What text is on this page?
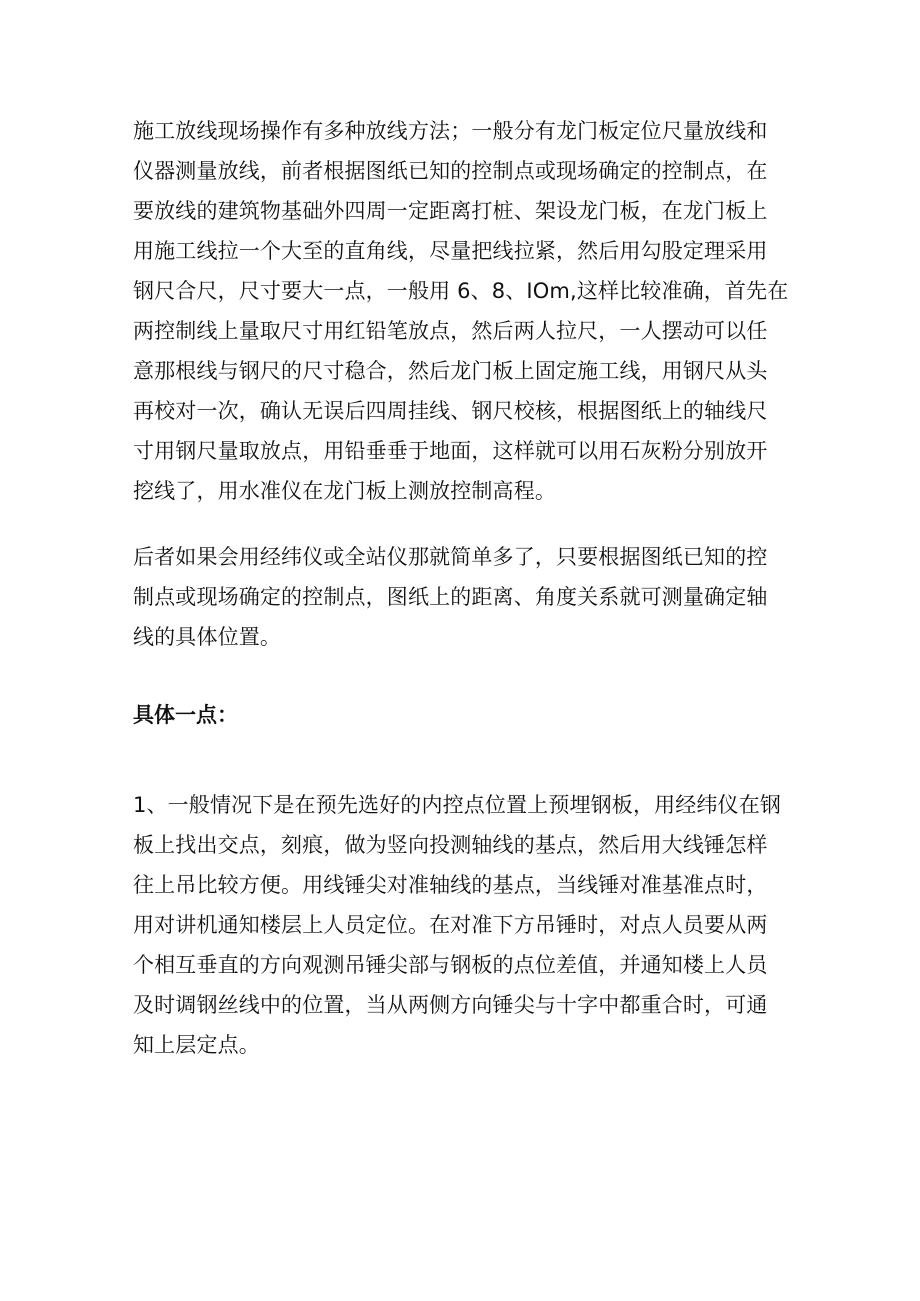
施工放线现场操作有多种放线方法；一般分有龙门板定位尺量放线和
仪器测量放线，前者根据图纸已知的控制点或现场确定的控制点，在
要放线的建筑物基础外四周一定距离打桩、架设龙门板，在龙门板上
用施工线拉一个大至的直角线，尽量把线拉紧，然后用勾股定理采用
钢尺合尺，尺寸要大一点，一般用 6、8、IOm,这样比较准确，首先在
两控制线上量取尺寸用红铅笔放点，然后两人拉尺，一人摆动可以任
意那根线与钢尺的尺寸稳合，然后龙门板上固定施工线，用钢尺从头
再校对一次，确认无误后四周挂线、钢尺校核，根据图纸上的轴线尺
寸用钢尺量取放点，用铅垂垂于地面，这样就可以用石灰粉分别放开
挖线了，用水准仪在龙门板上测放控制高程。

后者如果会用经纬仪或全站仪那就简单多了，只要根据图纸已知的控
制点或现场确定的控制点，图纸上的距离、角度关系就可测量确定轴
线的具体位置。

具体一点：

1、一般情况下是在预先选好的内控点位置上预埋钢板，用经纬仪在钢
板上找出交点，刻痕，做为竖向投测轴线的基点，然后用大线锤怎样
往上吊比较方便。用线锤尖对准轴线的基点，当线锤对准基准点时，
用对讲机通知楼层上人员定位。在对准下方吊锤时，对点人员要从两
个相互垂直的方向观测吊锤尖部与钢板的点位差值，并通知楼上人员
及时调钢丝线中的位置，当从两侧方向锤尖与十字中都重合时，可通
知上层定点。
